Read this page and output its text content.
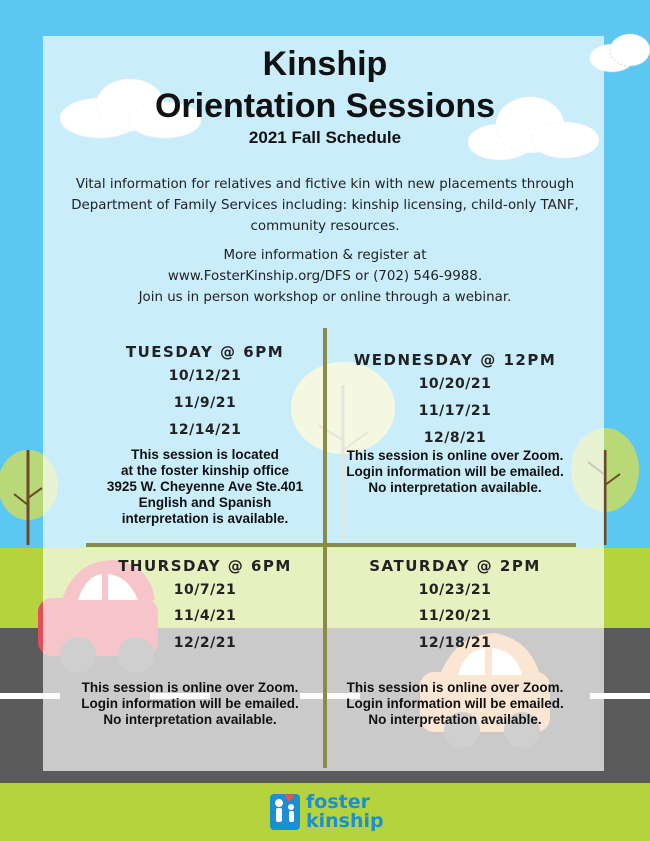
Kinship
Orientation Sessions
2021 Fall Schedule
Vital information for relatives and fictive kin with new placements through Department of Family Services including: kinship licensing, child-only TANF, community resources.
More information & register at
www.FosterKinship.org/DFS or (702) 546-9988.
Join us in person workshop or online through a webinar.
TUESDAY @ 6PM
10/12/21
11/9/21
12/14/21
This session is located
at the foster kinship office
3925 W. Cheyenne Ave Ste.401
English and Spanish
interpretation is available.
WEDNESDAY @ 12PM
10/20/21
11/17/21
12/8/21
This session is online over Zoom.
Login information will be emailed.
No interpretation available.
THURSDAY @ 6PM
10/7/21
11/4/21
12/2/21
This session is online over Zoom.
Login information will be emailed.
No interpretation available.
SATURDAY @ 2PM
10/23/21
11/20/21
12/18/21
This session is online over Zoom.
Login information will be emailed.
No interpretation available.
foster
kinship
